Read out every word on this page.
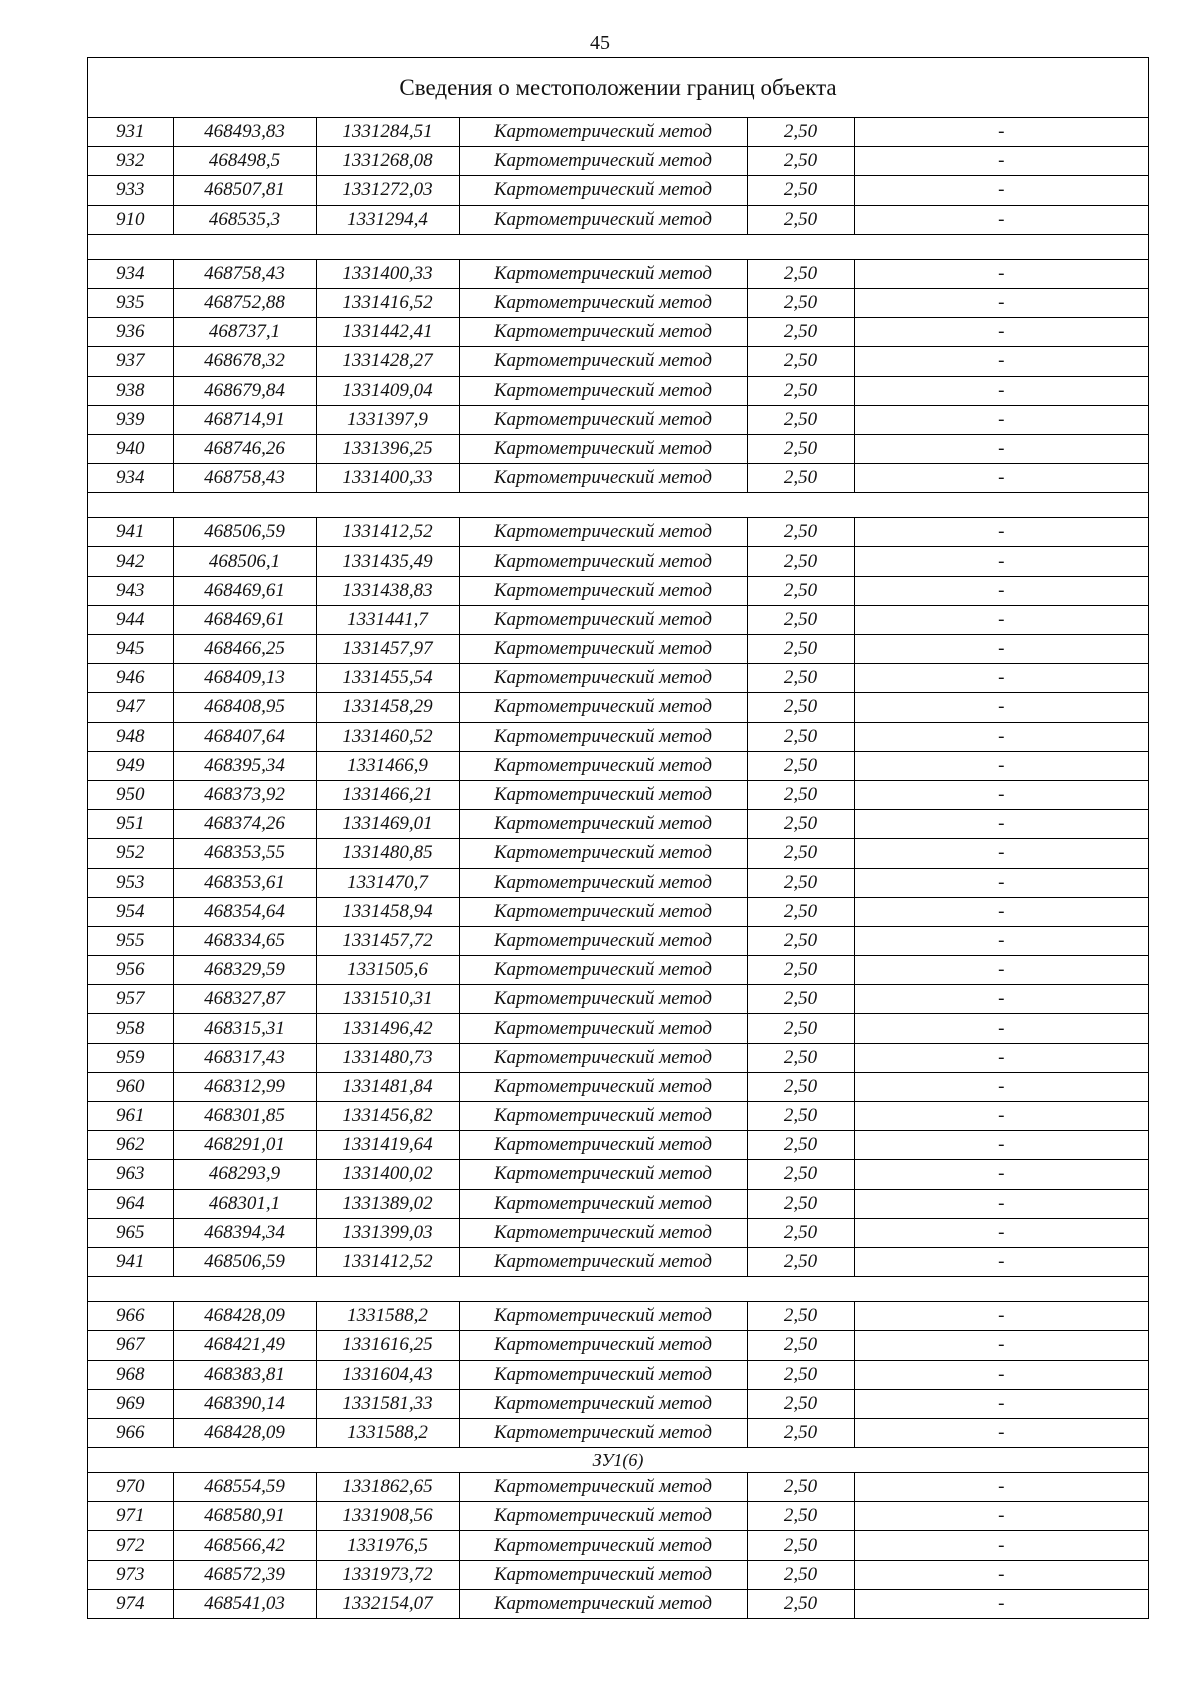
45
Сведения о местоположении границ объекта					
931	468493,83	1331284,51	Картометрический метод	2,50	-
932	468498,5	1331268,08	Картометрический метод	2,50	-
933	468507,81	1331272,03	Картометрический метод	2,50	-
910	468535,3	1331294,4	Картометрический метод	2,50	-

934	468758,43	1331400,33	Картометрический метод	2,50	-
935	468752,88	1331416,52	Картометрический метод	2,50	-
936	468737,1	1331442,41	Картометрический метод	2,50	-
937	468678,32	1331428,27	Картометрический метод	2,50	-
938	468679,84	1331409,04	Картометрический метод	2,50	-
939	468714,91	1331397,9	Картометрический метод	2,50	-
940	468746,26	1331396,25	Картометрический метод	2,50	-
934	468758,43	1331400,33	Картометрический метод	2,50	-

941	468506,59	1331412,52	Картометрический метод	2,50	-
942	468506,1	1331435,49	Картометрический метод	2,50	-
943	468469,61	1331438,83	Картометрический метод	2,50	-
944	468469,61	1331441,7	Картометрический метод	2,50	-
945	468466,25	1331457,97	Картометрический метод	2,50	-
946	468409,13	1331455,54	Картометрический метод	2,50	-
947	468408,95	1331458,29	Картометрический метод	2,50	-
948	468407,64	1331460,52	Картометрический метод	2,50	-
949	468395,34	1331466,9	Картометрический метод	2,50	-
950	468373,92	1331466,21	Картометрический метод	2,50	-
951	468374,26	1331469,01	Картометрический метод	2,50	-
952	468353,55	1331480,85	Картометрический метод	2,50	-
953	468353,61	1331470,7	Картометрический метод	2,50	-
954	468354,64	1331458,94	Картометрический метод	2,50	-
955	468334,65	1331457,72	Картометрический метод	2,50	-
956	468329,59	1331505,6	Картометрический метод	2,50	-
957	468327,87	1331510,31	Картометрический метод	2,50	-
958	468315,31	1331496,42	Картометрический метод	2,50	-
959	468317,43	1331480,73	Картометрический метод	2,50	-
960	468312,99	1331481,84	Картометрический метод	2,50	-
961	468301,85	1331456,82	Картометрический метод	2,50	-
962	468291,01	1331419,64	Картометрический метод	2,50	-
963	468293,9	1331400,02	Картометрический метод	2,50	-
964	468301,1	1331389,02	Картометрический метод	2,50	-
965	468394,34	1331399,03	Картометрический метод	2,50	-
941	468506,59	1331412,52	Картометрический метод	2,50	-

966	468428,09	1331588,2	Картометрический метод	2,50	-
967	468421,49	1331616,25	Картометрический метод	2,50	-
968	468383,81	1331604,43	Картометрический метод	2,50	-
969	468390,14	1331581,33	Картометрический метод	2,50	-
966	468428,09	1331588,2	Картометрический метод	2,50	-
ЗУ1(6)					
970	468554,59	1331862,65	Картометрический метод	2,50	-
971	468580,91	1331908,56	Картометрический метод	2,50	-
972	468566,42	1331976,5	Картометрический метод	2,50	-
973	468572,39	1331973,72	Картометрический метод	2,50	-
974	468541,03	1332154,07	Картометрический метод	2,50	-
